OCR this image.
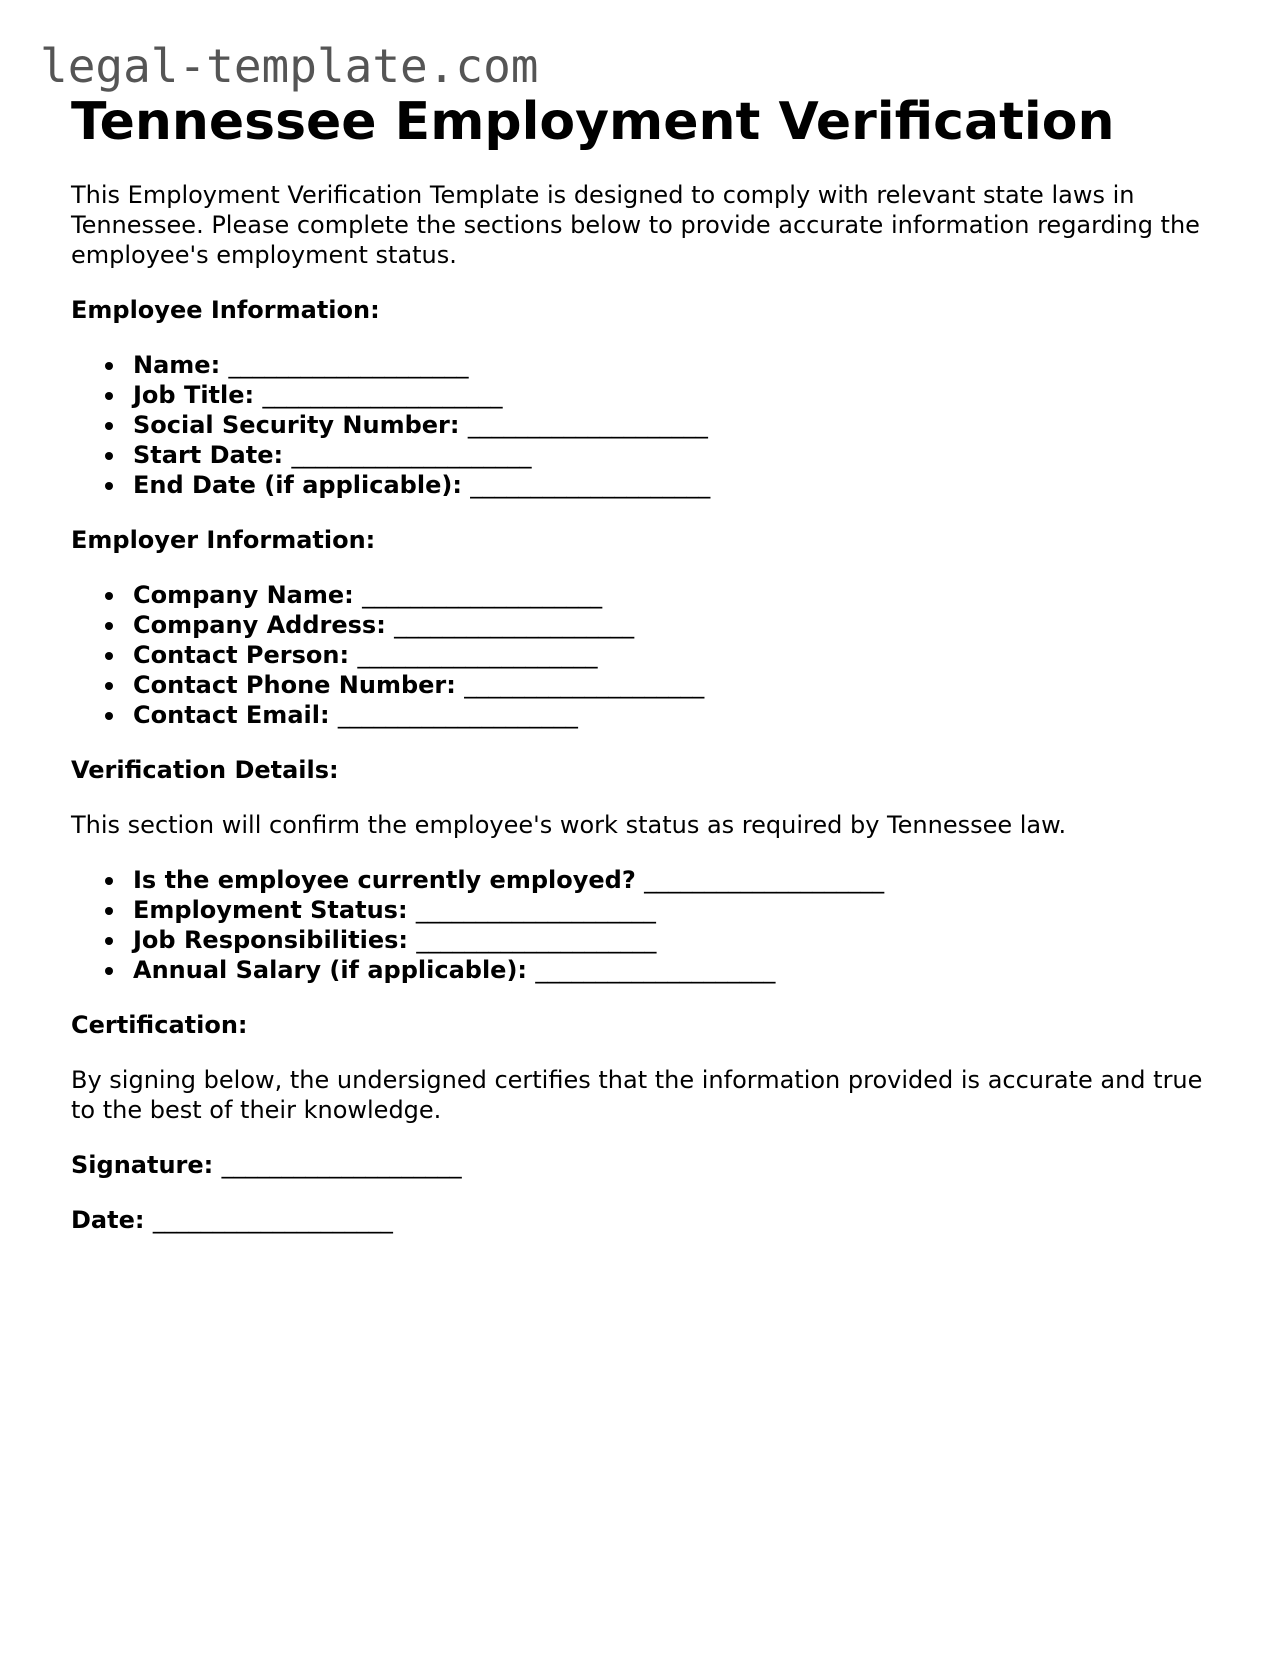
legal-template.com
Tennessee Employment Verification

This Employment Verification Template is designed to comply with relevant state laws in Tennessee. Please complete the sections below to provide accurate information regarding the employee's employment status.

Employee Information:
Name: ____________________
Job Title: ____________________
Social Security Number: ____________________
Start Date: ____________________
End Date (if applicable): ____________________
Employer Information:
Company Name: ____________________
Company Address: ____________________
Contact Person: ____________________
Contact Phone Number: ____________________
Contact Email: ____________________
Verification Details:

This section will confirm the employee's work status as required by Tennessee law.

Is the employee currently employed? ____________________
Employment Status: ____________________
Job Responsibilities: ____________________
Annual Salary (if applicable): ____________________
Certification:

By signing below, the undersigned certifies that the information provided is accurate and true to the best of their knowledge.

Signature: ____________________
Date: ____________________
